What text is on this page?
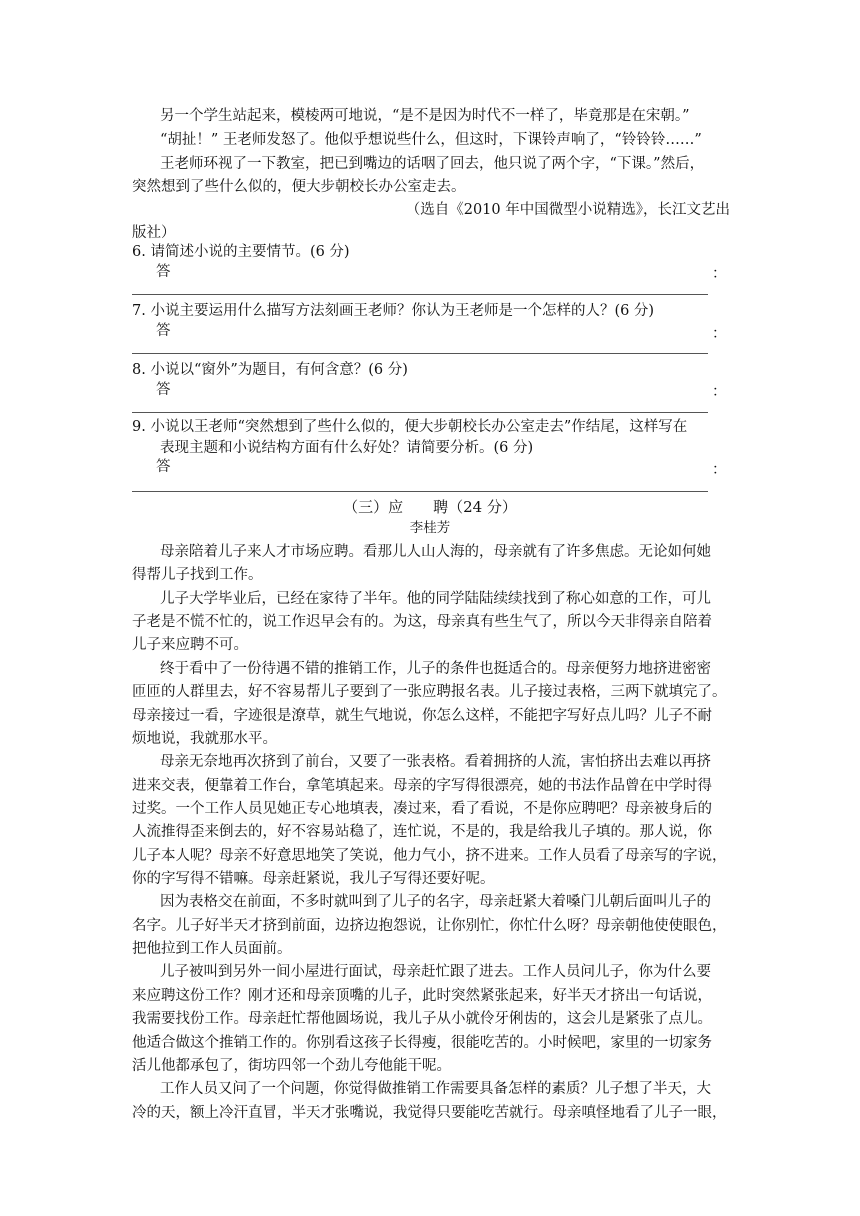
另一个学生站起来，模棱两可地说，“是不是因为时代不一样了，毕竟那是在宋朝。”
“胡扯！” 王老师发怒了。他似乎想说些什么，但这时，下课铃声响了，“铃铃铃……”
王老师环视了一下教室，把已到嘴边的话咽了回去，他只说了两个字，“下课。”然后，
突然想到了些什么似的，便大步朝校长办公室走去。
（选自《2010 年中国微型小说精选》，长江文艺出
版社）
6. 请简述小说的主要情节。(6 分)
答	：
7. 小说主要运用什么描写方法刻画王老师？你认为王老师是一个怎样的人？(6 分)
答	：
8. 小说以“窗外”为题目，有何含意？(6 分)
答	：
9. 小说以王老师“突然想到了些什么似的，便大步朝校长办公室走去”作结尾，这样写在
表现主题和小说结构方面有什么好处？请简要分析。(6 分)
答	：
（三）应　　聘（24 分）
李桂芳
母亲陪着儿子来人才市场应聘。看那儿人山人海的，母亲就有了许多焦虑。无论如何她
得帮儿子找到工作。
儿子大学毕业后，已经在家待了半年。他的同学陆陆续续找到了称心如意的工作，可儿
子老是不慌不忙的，说工作迟早会有的。为这，母亲真有些生气了，所以今天非得亲自陪着
儿子来应聘不可。
终于看中了一份待遇不错的推销工作，儿子的条件也挺适合的。母亲便努力地挤进密密
匝匝的人群里去，好不容易帮儿子要到了一张应聘报名表。儿子接过表格，三两下就填完了。
母亲接过一看，字迹很是潦草，就生气地说，你怎么这样，不能把字写好点儿吗？儿子不耐
烦地说，我就那水平。
母亲无奈地再次挤到了前台，又要了一张表格。看着拥挤的人流，害怕挤出去难以再挤
进来交表，便靠着工作台，拿笔填起来。母亲的字写得很漂亮，她的书法作品曾在中学时得
过奖。一个工作人员见她正专心地填表，凑过来，看了看说，不是你应聘吧？母亲被身后的
人流推得歪来倒去的，好不容易站稳了，连忙说，不是的，我是给我儿子填的。那人说，你
儿子本人呢？母亲不好意思地笑了笑说，他力气小，挤不进来。工作人员看了母亲写的字说，
你的字写得不错嘛。母亲赶紧说，我儿子写得还要好呢。
因为表格交在前面，不多时就叫到了儿子的名字，母亲赶紧大着嗓门儿朝后面叫儿子的
名字。儿子好半天才挤到前面，边挤边抱怨说，让你别忙，你忙什么呀？母亲朝他使使眼色，
把他拉到工作人员面前。
儿子被叫到另外一间小屋进行面试，母亲赶忙跟了进去。工作人员问儿子，你为什么要
来应聘这份工作？刚才还和母亲顶嘴的儿子，此时突然紧张起来，好半天才挤出一句话说，
我需要找份工作。母亲赶忙帮他圆场说，我儿子从小就伶牙俐齿的，这会儿是紧张了点儿。
他适合做这个推销工作的。你别看这孩子长得瘦，很能吃苦的。小时候吧，家里的一切家务
活儿他都承包了，街坊四邻一个劲儿夸他能干呢。
工作人员又问了一个问题，你觉得做推销工作需要具备怎样的素质？儿子想了半天，大
冷的天，额上冷汗直冒，半天才张嘴说，我觉得只要能吃苦就行。母亲嗔怪地看了儿子一眼，
